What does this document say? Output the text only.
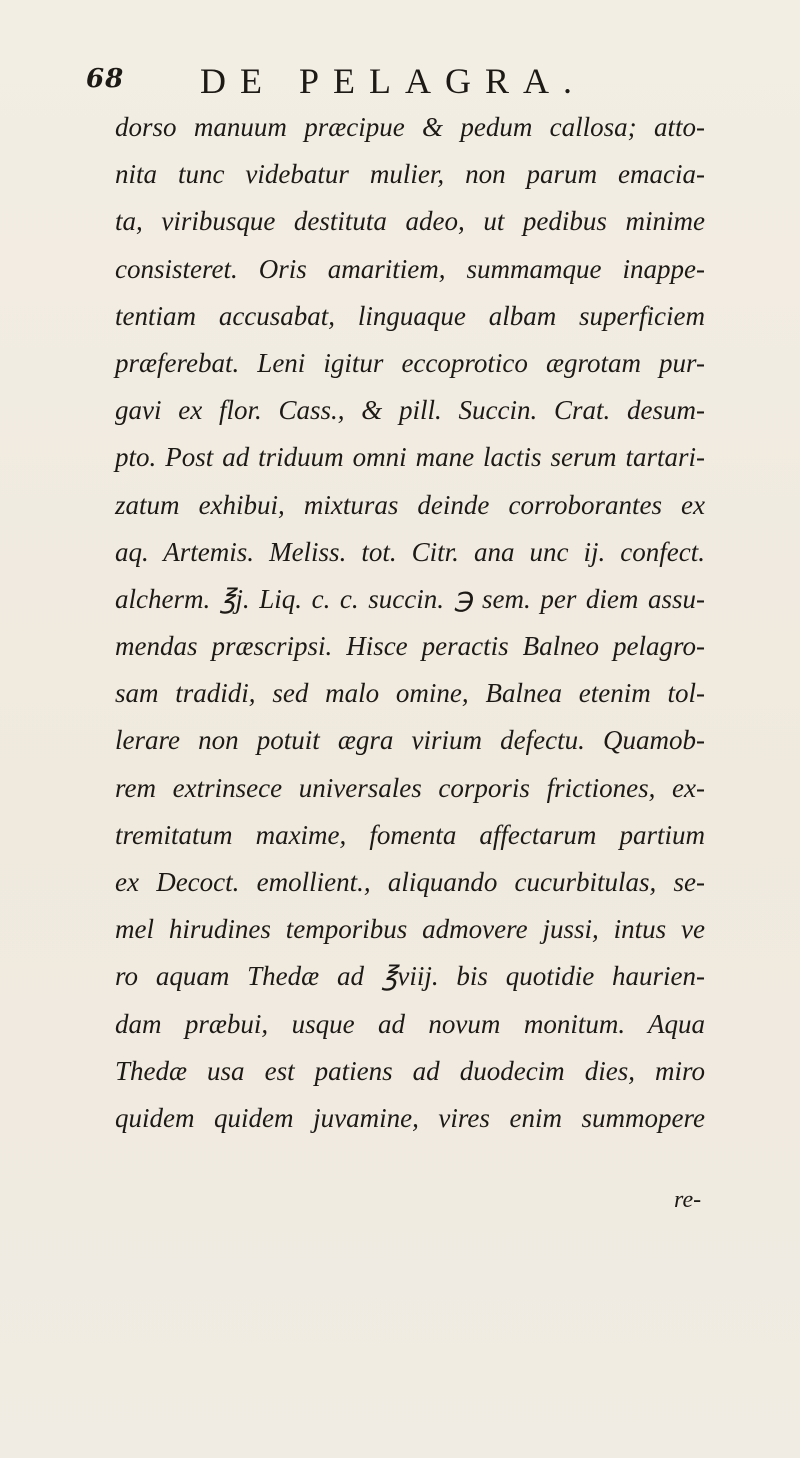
68 DE PELAGRA.
dorso manuum præcipue & pedum callosa; atto-
nita tunc videbatur mulier, non parum emacia-
ta, viribusque destituta adeo, ut pedibus minime
consisteret. Oris amaritiem, summamque inappe-
tentiam accusabat, linguaque albam superficiem
præferebat. Leni igitur eccoprotico ægrotam pur-
gavi ex flor. Cass., & pill. Succin. Crat. desum-
pto. Post ad triduum omni mane lactis serum tartari-
zatum exhibui, mixturas deinde corroborantes ex
aq. Artemis. Meliss. tot. Citr. ana unc ij. confect.
alcherm. ℥j. Liq. c. c. succin. ℈ sem. per diem assu-
mendas præscripsi. Hisce peractis Balneo pelagro-
sam tradidi, sed malo omine, Balnea etenim tol-
lerare non potuit ægra virium defectu. Quamob-
rem extrinsece universales corporis frictiones, ex-
tremitatum maxime, fomenta affectarum partium
ex Decoct. emollient., aliquando cucurbitulas, se-
mel hirudines temporibus admovere jussi, intus ve
ro aquam Thedæ ad ℥viij. bis quotidie haurien-
dam præbui, usque ad novum monitum. Aqua
Thedæ usa est patiens ad duodecim dies, miro
quidem quidem juvamine, vires enim summopere
re-
